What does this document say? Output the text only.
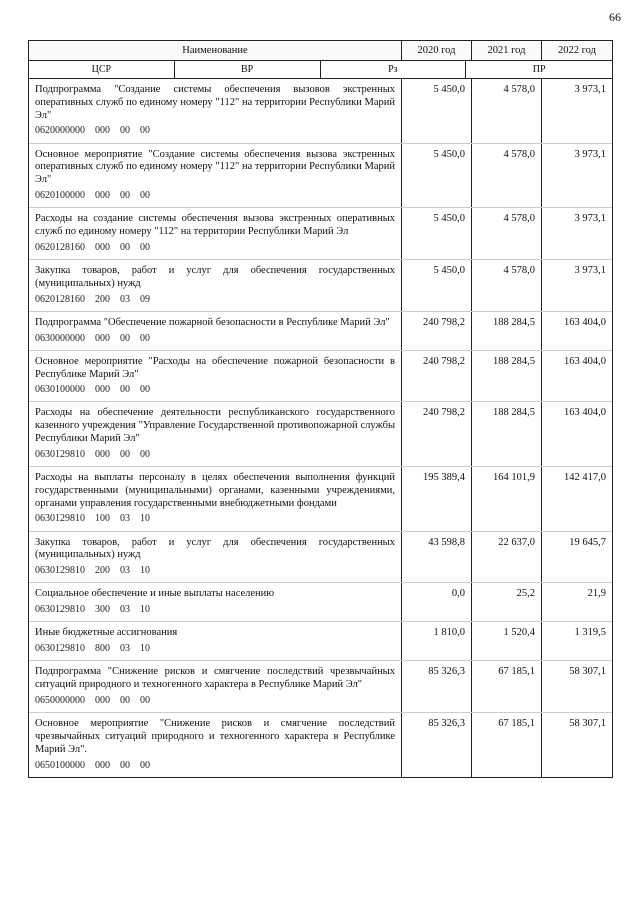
66
Наименование	2020 год	2021 год	2022 год
ЦСР	ВР	Рз	ПР
Подпрограмма "Создание системы обеспечения вызовов экстренных оперативных служб по единому номеру "112" на территории Республики Марий Эл"
0620000000 000 00 00
5 450,0	4 578,0	3 973,1
Основное мероприятие "Создание системы обеспечения вызова экстренных оперативных служб по единому номеру "112" на территории Республики Марий Эл"
0620100000 000 00 00
5 450,0	4 578,0	3 973,1
Расходы на создание системы обеспечения вызова экстренных оперативных служб по единому номеру "112" на территории Республики Марий Эл
0620128160 000 00 00
5 450,0	4 578,0	3 973,1
Закупка товаров, работ и услуг для обеспечения государственных (муниципальных) нужд
0620128160 200 03 09
5 450,0	4 578,0	3 973,1
Подпрограмма "Обеспечение пожарной безопасности в Республике Марий Эл"
0630000000 000 00 00
240 798,2	188 284,5	163 404,0
Основное мероприятие "Расходы на обеспечение пожарной безопасности в Республике Марий Эл"
0630100000 000 00 00
240 798,2	188 284,5	163 404,0
Расходы на обеспечение деятельности республиканского государственного казенного учреждения "Управление Государственной противопожарной службы Республики Марий Эл"
0630129810 000 00 00
240 798,2	188 284,5	163 404,0
Расходы на выплаты персоналу в целях обеспечения выполнения функций государственными (муниципальными) органами, казенными учреждениями, органами управления государственными внебюджетными фондами
0630129810 100 03 10
195 389,4	164 101,9	142 417,0
Закупка товаров, работ и услуг для обеспечения государственных (муниципальных) нужд
0630129810 200 03 10
43 598,8	22 637,0	19 645,7
Социальное обеспечение и иные выплаты населению
0630129810 300 03 10
0,0	25,2	21,9
Иные бюджетные ассигнования
0630129810 800 03 10
1 810,0	1 520,4	1 319,5
Подпрограмма "Снижение рисков и смягчение последствий чрезвычайных ситуаций природного и техногенного характера в Республике Марий Эл"
0650000000 000 00 00
85 326,3	67 185,1	58 307,1
Основное мероприятие "Снижение рисков и смягчение последствий чрезвычайных ситуаций природного и техногенного характера в Республике Марий Эл".
0650100000 000 00 00
85 326,3	67 185,1	58 307,1
